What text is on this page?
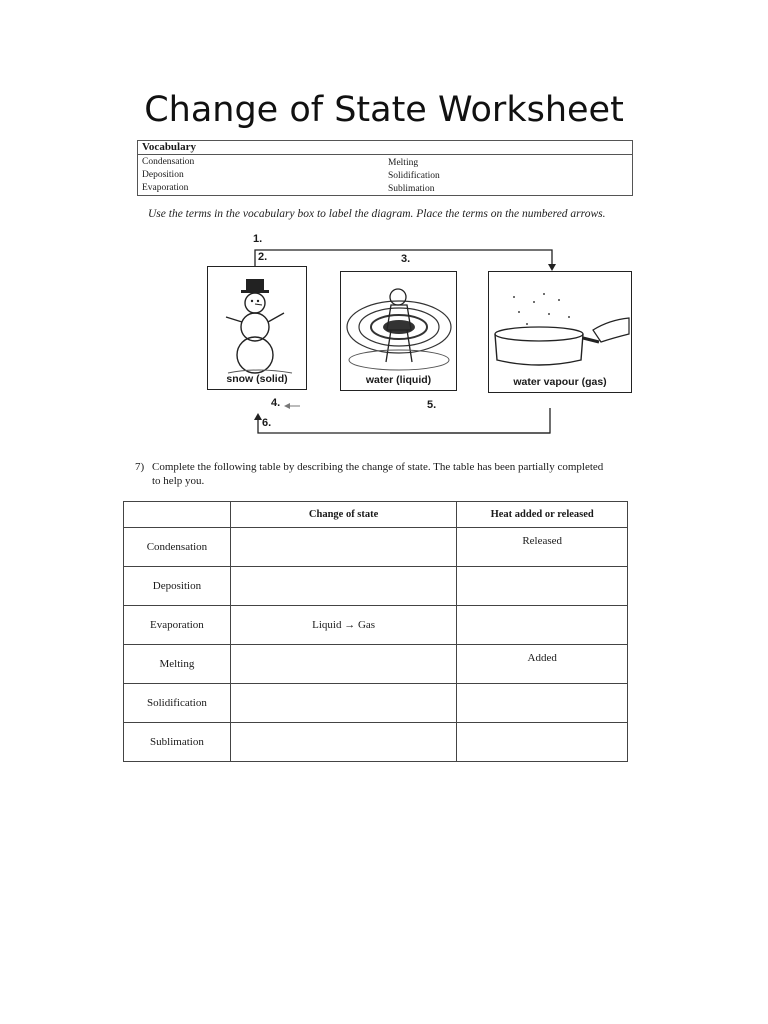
Change of State Worksheet
Vocabulary
Condensation
Deposition
Evaporation
Melting
Solidification
Sublimation
Use the terms in the vocabulary box to label the diagram. Place the terms on the numbered arrows.
1.
2.	3.
4.	5.
6.
snow (solid)	water (liquid)	water vapour (gas)
7) Complete the following table by describing the change of state. The table has been partially completed to help you.
	Change of state	Heat added or released
Condensation		Released
Deposition		
Evaporation	Liquid → Gas	
Melting		Added
Solidification		
Sublimation		
